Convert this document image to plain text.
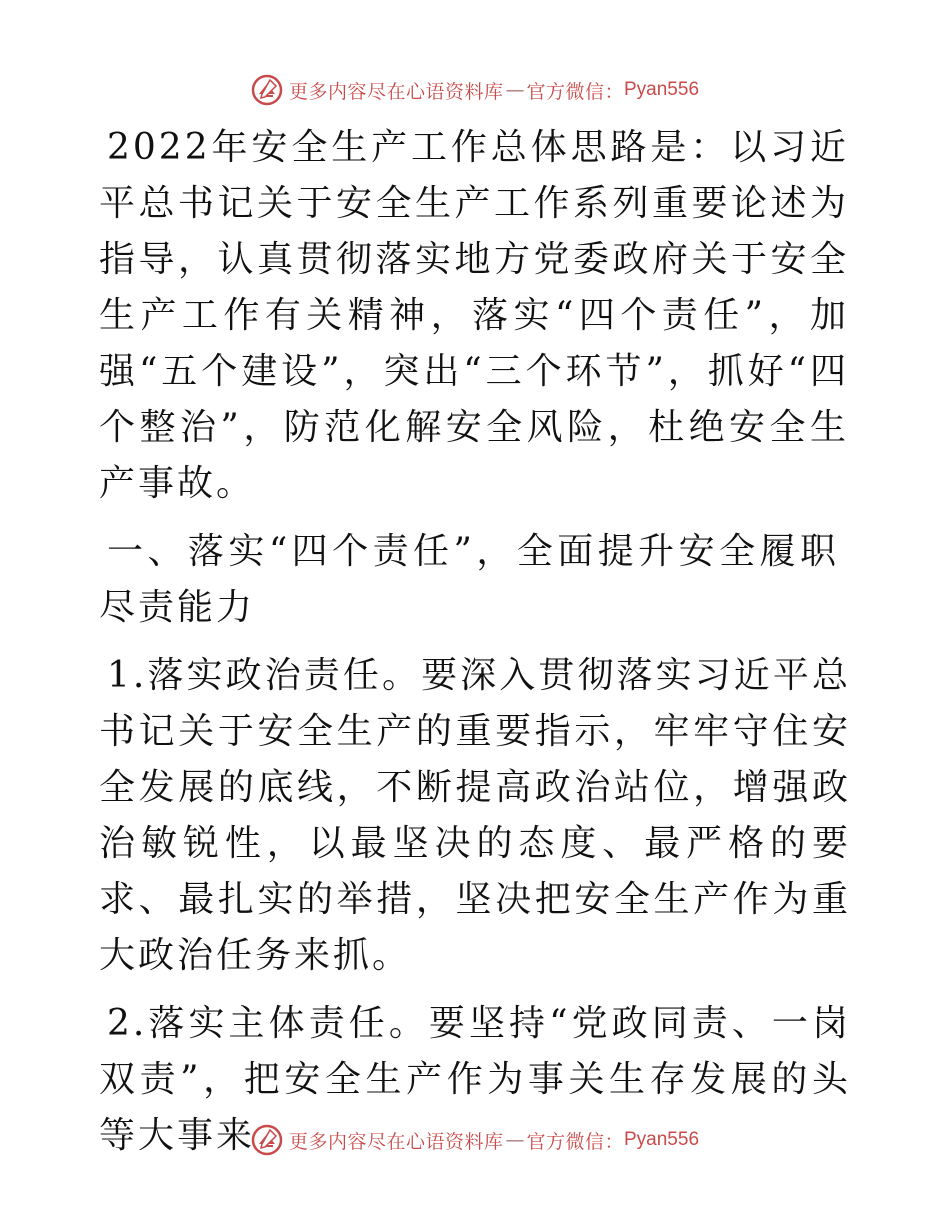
更多内容尽在心语资料库 — 官方微信： Pyan556

2022年安全生产工作总体思路是：以习近平总书记关于安全生产工作系列重要论述为指导，认真贯彻落实地方党委政府关于安全生产工作有关精神，落实“四个责任”，加强“五个建设”，突出“三个环节”，抓好“四个整治”，防范化解安全风险，杜绝安全生产事故。

一、落实“四个责任”，全面提升安全履职尽责能力

1.落实政治责任。要深入贯彻落实习近平总书记关于安全生产的重要指示，牢牢守住安全发展的底线，不断提高政治站位，增强政治敏锐性，以最坚决的态度、最严格的要求、最扎实的举措，坚决把安全生产作为重大政治任务来抓。

2.落实主体责任。要坚持“党政同责、一岗双责”，把安全生产作为事关生存发展的头等大事来	更多内容尽在心语资料库 — 官方微信： Pyan556
